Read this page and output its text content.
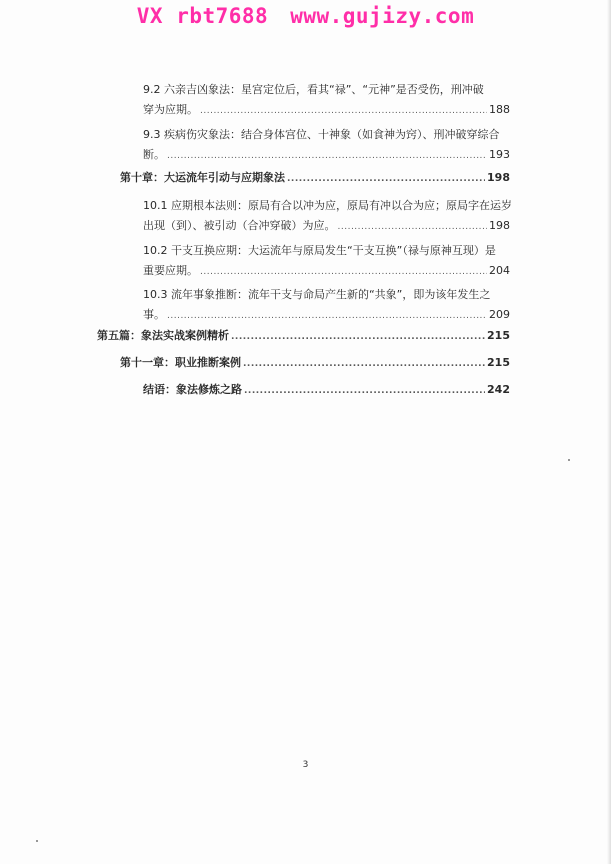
VX rbt7688 www.gujizy.com
9.2 六亲吉凶象法：星宫定位后，看其“禄”、“元神”是否受伤，刑冲破
穿为应期。 .....	188
9.3 疾病伤灾象法：结合身体宫位、十神象（如食神为窍）、刑冲破穿综合
断。 .....	193
第十章：大运流年引动与应期象法 .....	198
10.1 应期根本法则：原局有合以冲为应，原局有冲以合为应；原局字在运岁
出现（到）、被引动（合冲穿破）为应。 .....	198
10.2 干支互换应期：大运流年与原局发生“干支互换”（禄与原神互现）是
重要应期。 .....	204
10.3 流年事象推断：流年干支与命局产生新的“共象”，即为该年发生之
事。 .....	209
第五篇：象法实战案例精析 .....	215
第十一章：职业推断案例 .....	215
结语：象法修炼之路 .....	242
3
